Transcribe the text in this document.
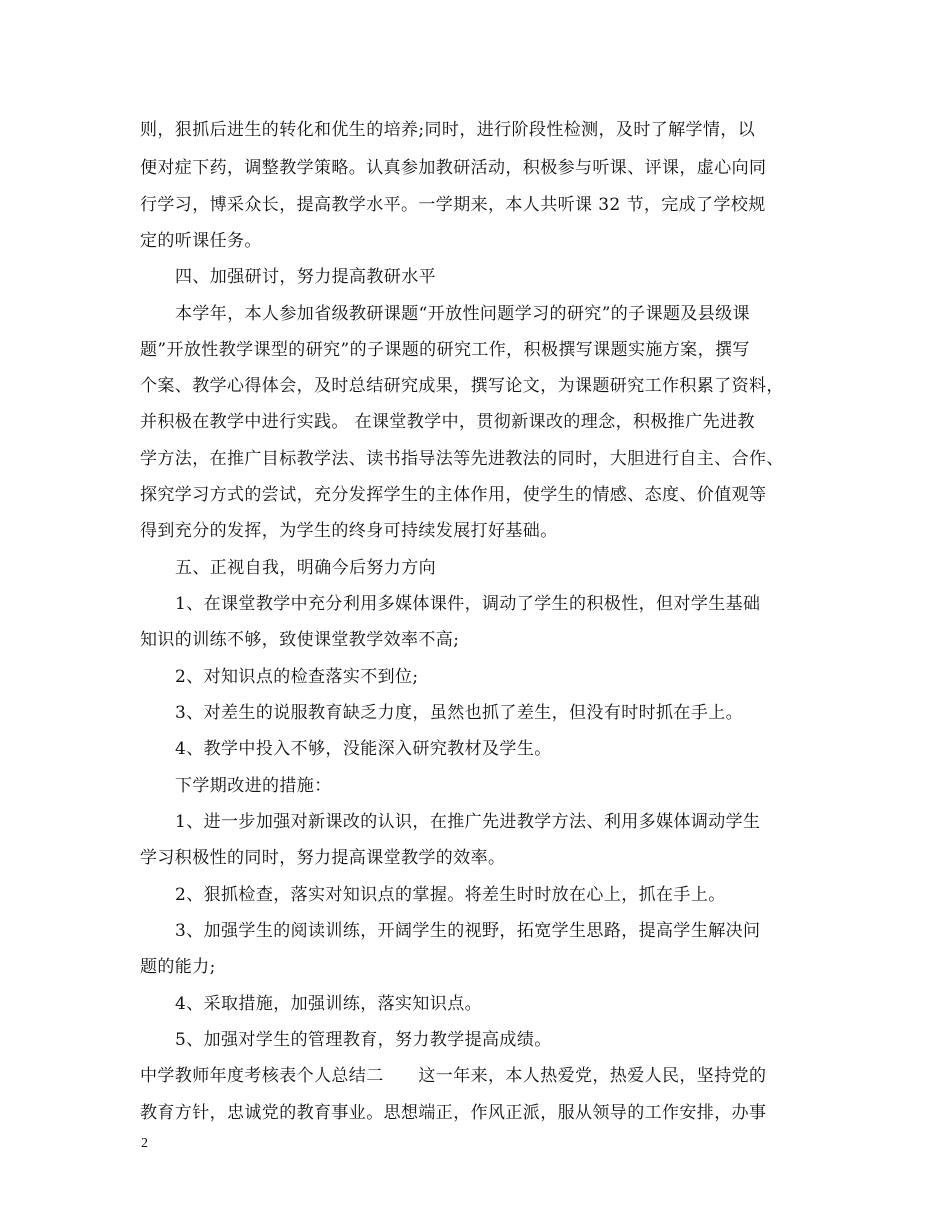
则，狠抓后进生的转化和优生的培养;同时，进行阶段性检测，及时了解学情，以
便对症下药，调整教学策略。认真参加教研活动，积极参与听课、评课，虚心向同
行学习，博采众长，提高教学水平。一学期来，本人共听课 32 节，完成了学校规
定的听课任务。
四、加强研讨，努力提高教研水平
本学年，本人参加省级教研课题“开放性问题学习的研究”的子课题及县级课
题”开放性教学课型的研究”的子课题的研究工作，积极撰写课题实施方案，撰写
个案、教学心得体会，及时总结研究成果，撰写论文，为课题研究工作积累了资料，
并积极在教学中进行实践。 在课堂教学中，贯彻新课改的理念，积极推广先进教
学方法，在推广目标教学法、读书指导法等先进教法的同时，大胆进行自主、合作、
探究学习方式的尝试，充分发挥学生的主体作用，使学生的情感、态度、价值观等
得到充分的发挥，为学生的终身可持续发展打好基础。
五、正视自我，明确今后努力方向
1、在课堂教学中充分利用多媒体课件，调动了学生的积极性，但对学生基础
知识的训练不够，致使课堂教学效率不高;
2、对知识点的检查落实不到位;
3、对差生的说服教育缺乏力度，虽然也抓了差生，但没有时时抓在手上。
4、教学中投入不够，没能深入研究教材及学生。
下学期改进的措施：
1、进一步加强对新课改的认识，在推广先进教学方法、利用多媒体调动学生
学习积极性的同时，努力提高课堂教学的效率。
2、狠抓检查，落实对知识点的掌握。将差生时时放在心上，抓在手上。
3、加强学生的阅读训练，开阔学生的视野，拓宽学生思路，提高学生解决问
题的能力;
4、采取措施，加强训练，落实知识点。
5、加强对学生的管理教育，努力教学提高成绩。
中学教师年度考核表个人总结二　　这一年来，本人热爱党，热爱人民，坚持党的
教育方针，忠诚党的教育事业。思想端正，作风正派，服从领导的工作安排，办事
2
